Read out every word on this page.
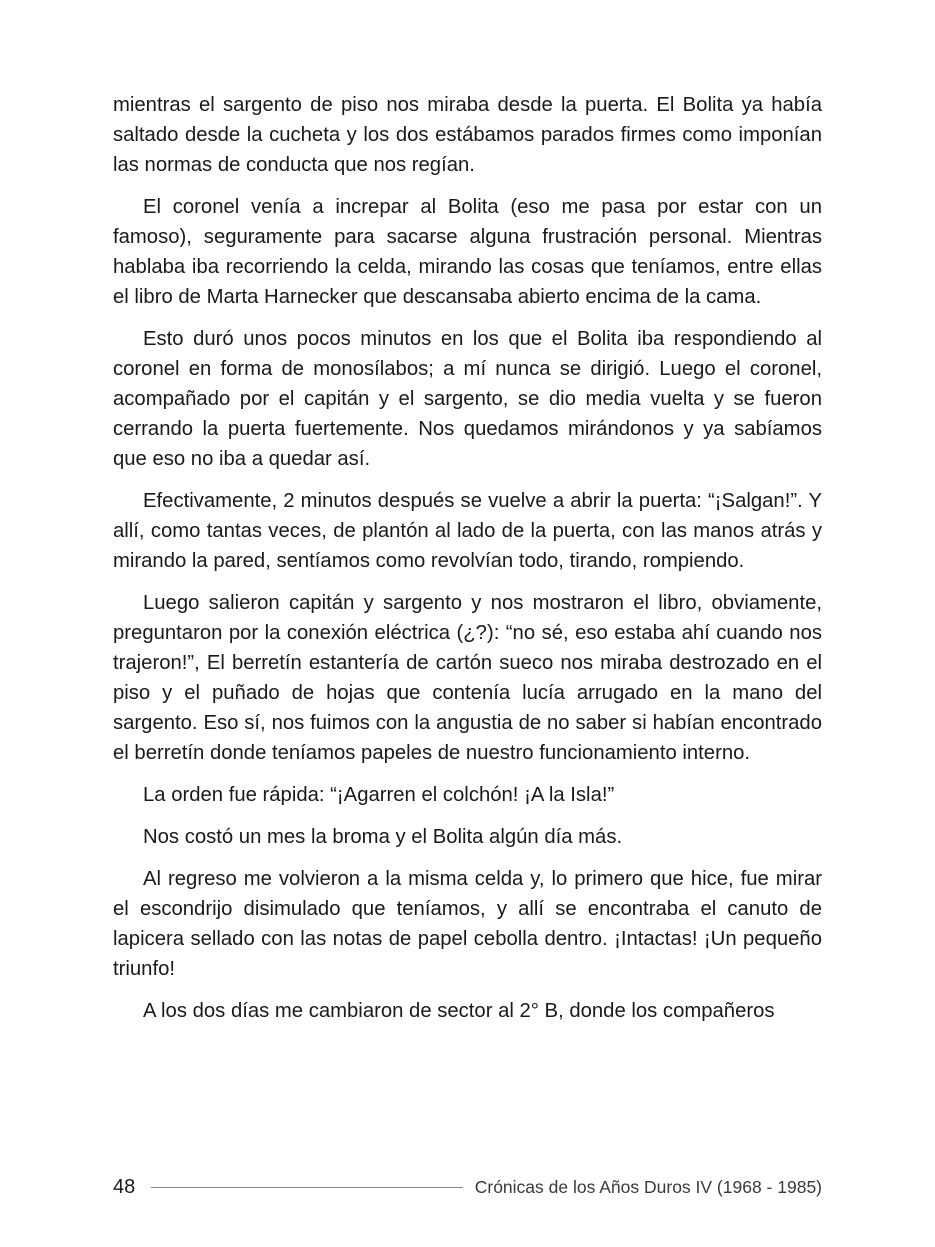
mientras el sargento de piso nos miraba desde la puerta. El Bolita ya había saltado desde la cucheta y los dos estábamos parados firmes como imponían las normas de conducta que nos regían.

El coronel venía a increpar al Bolita (eso me pasa por estar con un famoso), seguramente para sacarse alguna frustración personal. Mientras hablaba iba recorriendo la celda, mirando las cosas que teníamos, entre ellas el libro de Marta Harnecker que descansaba abierto encima de la cama.

Esto duró unos pocos minutos en los que el Bolita iba respondiendo al coronel en forma de monosílabos; a mí nunca se dirigió. Luego el coronel, acompañado por el capitán y el sargento, se dio media vuelta y se fueron cerrando la puerta fuertemente. Nos quedamos mirándonos y ya sabíamos que eso no iba a quedar así.

Efectivamente, 2 minutos después se vuelve a abrir la puerta: “¡Salgan!”. Y allí, como tantas veces, de plantón al lado de la puerta, con las manos atrás y mirando la pared, sentíamos como revolvían todo, tirando, rompiendo.

Luego salieron capitán y sargento y nos mostraron el libro, obviamente, preguntaron por la conexión eléctrica (¿?): “no sé, eso estaba ahí cuando nos trajeron!”, El berretín estantería de cartón sueco nos miraba destrozado en el piso y el puñado de hojas que contenía lucía arrugado en la mano del sargento. Eso sí, nos fuimos con la angustia de no saber si habían encontrado el berretín donde teníamos papeles de nuestro funcionamiento interno.

La orden fue rápida: “¡Agarren el colchón! ¡A la Isla!”

Nos costó un mes la broma y el Bolita algún día más.

Al regreso me volvieron a la misma celda y, lo primero que hice, fue mirar el escondrijo disimulado que teníamos, y allí se encontraba el canuto de lapicera sellado con las notas de papel cebolla dentro. ¡Intactas! ¡Un pequeño triunfo!

A los dos días me cambiaron de sector al 2° B, donde los compañeros

48	Crónicas de los Años Duros IV (1968 - 1985)
